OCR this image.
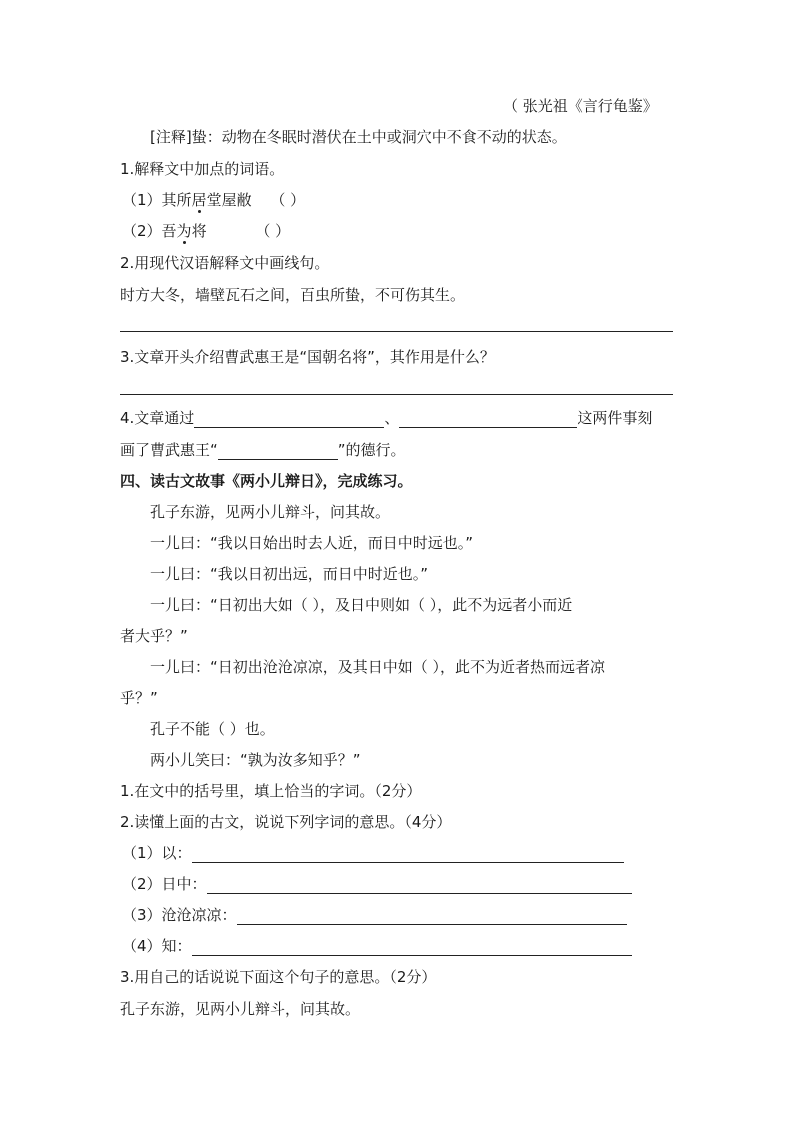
（ 张光祖《言行龟鉴》
[注释]蛰：动物在冬眠时潜伏在土中或洞穴中不食不动的状态。
1.解释文中加点的词语。
（1）其所居堂屋敝 （ ）
（2）吾为将	（ ）
2.用现代汉语解释文中画线句。
时方大冬，墙壁瓦石之间，百虫所蛰，不可伤其生。
3.文章开头介绍曹武惠王是“国朝名将”，其作用是什么？
4.文章通过	、	这两件事刻
画了曹武惠王“	”的德行。
四、读古文故事《两小儿辩日》，完成练习。
孔子东游，见两小儿辩斗，问其故。
一儿曰：“我以日始出时去人近，而日中时远也。”
一儿曰：“我以日初出远，而日中时近也。”
一儿曰：“日初出大如（ ），及日中则如（ ），此不为远者小而近
者大乎？”
一儿曰：“日初出沧沧凉凉，及其日中如（ ），此不为近者热而远者凉
乎？”
孔子不能（ ）也。
两小儿笑曰：“孰为汝多知乎？”
1.在文中的括号里，填上恰当的字词。（2分）
2.读懂上面的古文，说说下列字词的意思。（4分）
（1）以：
（2）日中：
（3）沧沧凉凉：
（4）知：
3.用自己的话说说下面这个句子的意思。（2分）
孔子东游，见两小儿辩斗，问其故。
